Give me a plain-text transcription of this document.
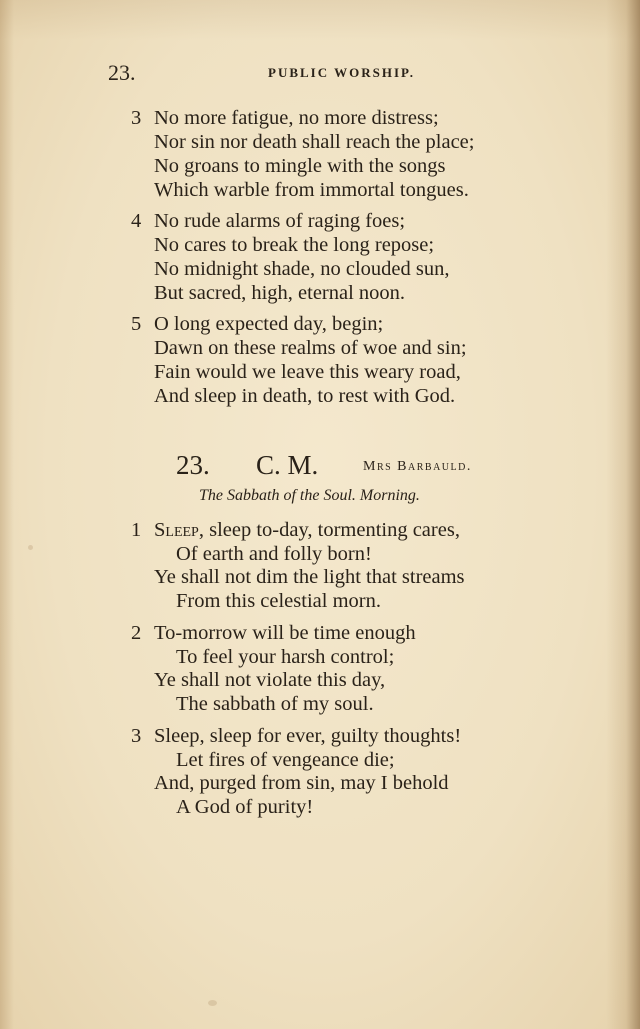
23.	PUBLIC WORSHIP.
3 No more fatigue, no more distress;
Nor sin nor death shall reach the place;
No groans to mingle with the songs
Which warble from immortal tongues.
4 No rude alarms of raging foes;
No cares to break the long repose;
No midnight shade, no clouded sun,
But sacred, high, eternal noon.
5 O long expected day, begin;
Dawn on these realms of woe and sin;
Fain would we leave this weary road,
And sleep in death, to rest with God.
23. C. M.	Mrs Barbauld.
The Sabbath of the Soul. Morning.
1 Sleep, sleep to-day, tormenting cares,
Of earth and folly born!
Ye shall not dim the light that streams
From this celestial morn.
2 To-morrow will be time enough
To feel your harsh control;
Ye shall not violate this day,
The sabbath of my soul.
3 Sleep, sleep for ever, guilty thoughts!
Let fires of vengeance die;
And, purged from sin, may I behold
A God of purity!
